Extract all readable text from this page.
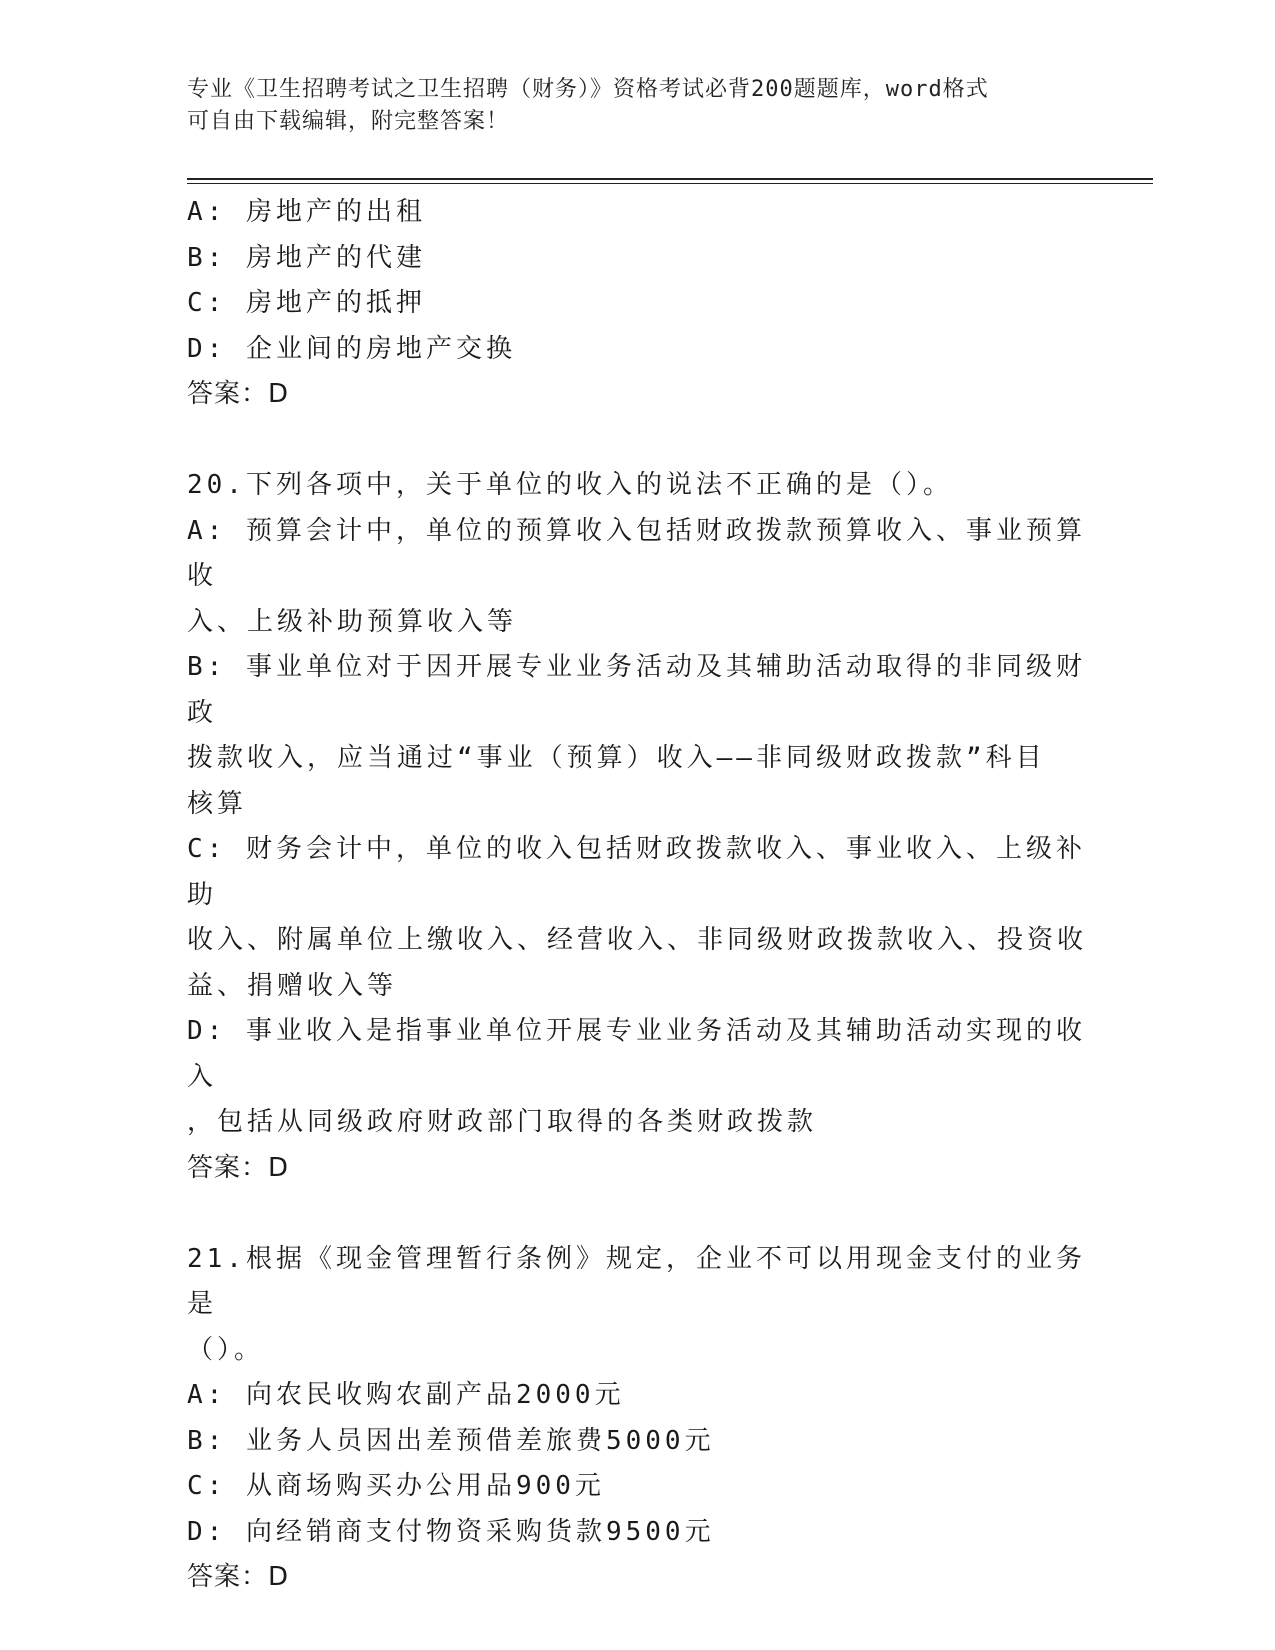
专业《卫生招聘考试之卫生招聘（财务）》资格考试必背200题题库，word格式
可自由下载编辑，附完整答案！
A: 房地产的出租
B: 房地产的代建
C: 房地产的抵押
D: 企业间的房地产交换
答案：D
20.下列各项中，关于单位的收入的说法不正确的是（）。
A: 预算会计中，单位的预算收入包括财政拨款预算收入、事业预算收
入、上级补助预算收入等
B: 事业单位对于因开展专业业务活动及其辅助活动取得的非同级财政
拨款收入，应当通过“事业（预算）收入——非同级财政拨款”科目
核算
C: 财务会计中，单位的收入包括财政拨款收入、事业收入、上级补助
收入、附属单位上缴收入、经营收入、非同级财政拨款收入、投资收
益、捐赠收入等
D: 事业收入是指事业单位开展专业业务活动及其辅助活动实现的收入
，包括从同级政府财政部门取得的各类财政拨款
答案：D
21.根据《现金管理暂行条例》规定，企业不可以用现金支付的业务是
（）。
A: 向农民收购农副产品2000元
B: 业务人员因出差预借差旅费5000元
C: 从商场购买办公用品900元
D: 向经销商支付物资采购货款9500元
答案：D
